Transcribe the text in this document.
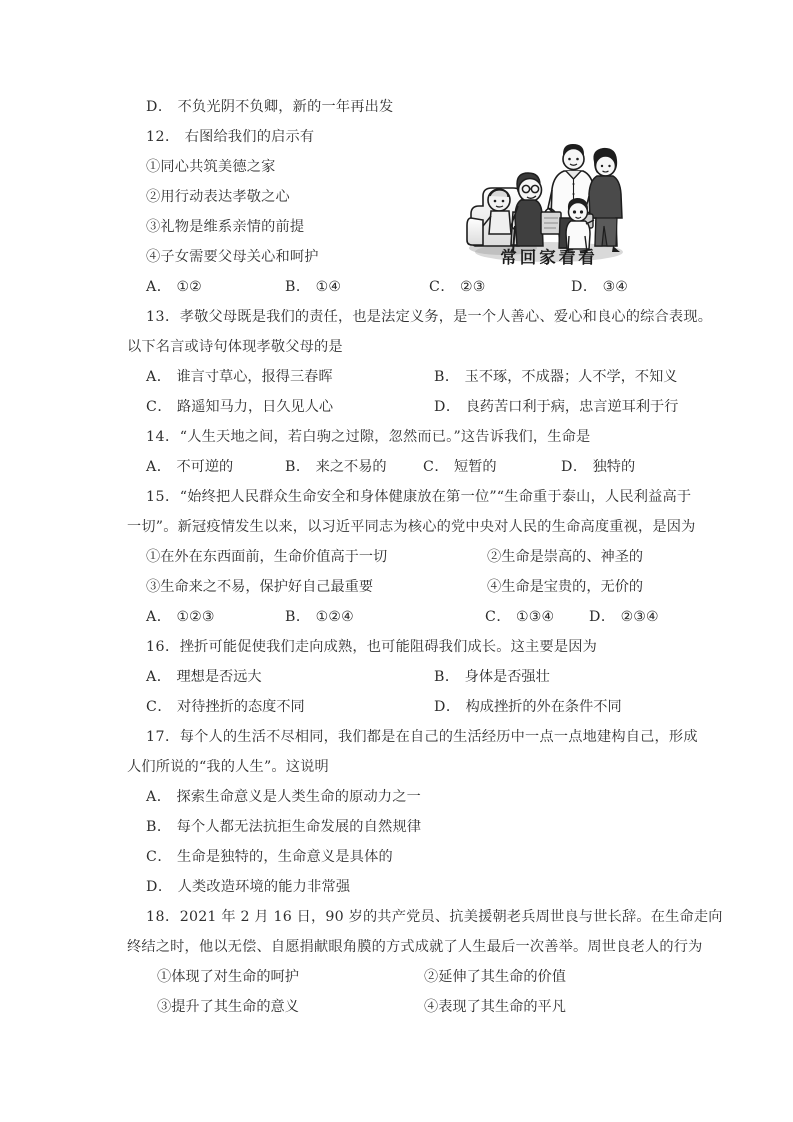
常回家看看
D． 不负光阴不负卿，新的一年再出发
12． 右图给我们的启示有
①同心共筑美德之家
②用行动表达孝敬之心
③礼物是维系亲情的前提
④子女需要父母关心和呵护
A． ①②	B． ①④	C． ②③	D． ③④
13．孝敬父母既是我们的责任，也是法定义务，是一个人善心、爱心和良心的综合表现。
以下名言或诗句体现孝敬父母的是
A． 谁言寸草心，报得三春晖	B． 玉不琢，不成器；人不学，不知义
C． 路遥知马力，日久见人心	D． 良药苦口利于病，忠言逆耳利于行
14．“人生天地之间，若白驹之过隙，忽然而已。”这告诉我们，生命是
A． 不可逆的	B． 来之不易的	C． 短暂的	D． 独特的
15．“始终把人民群众生命安全和身体健康放在第一位”“生命重于泰山，人民利益高于
一切”。新冠疫情发生以来，以习近平同志为核心的党中央对人民的生命高度重视，是因为
①在外在东西面前，生命价值高于一切	②生命是崇高的、神圣的
③生命来之不易，保护好自己最重要	④生命是宝贵的，无价的
A． ①②③	B． ①②④	C． ①③④ D． ②③④
16．挫折可能促使我们走向成熟，也可能阻碍我们成长。这主要是因为
A． 理想是否远大	B． 身体是否强壮
C． 对待挫折的态度不同	D． 构成挫折的外在条件不同
17．每个人的生活不尽相同，我们都是在自己的生活经历中一点一点地建构自己，形成
人们所说的“我的人生”。这说明
A． 探索生命意义是人类生命的原动力之一
B． 每个人都无法抗拒生命发展的自然规律
C． 生命是独特的，生命意义是具体的
D． 人类改造环境的能力非常强
18．2021 年 2 月 16 日，90 岁的共产党员、抗美援朝老兵周世良与世长辞。在生命走向
终结之时，他以无偿、自愿捐献眼角膜的方式成就了人生最后一次善举。周世良老人的行为
①体现了对生命的呵护	②延伸了其生命的价值
③提升了其生命的意义	④表现了其生命的平凡
